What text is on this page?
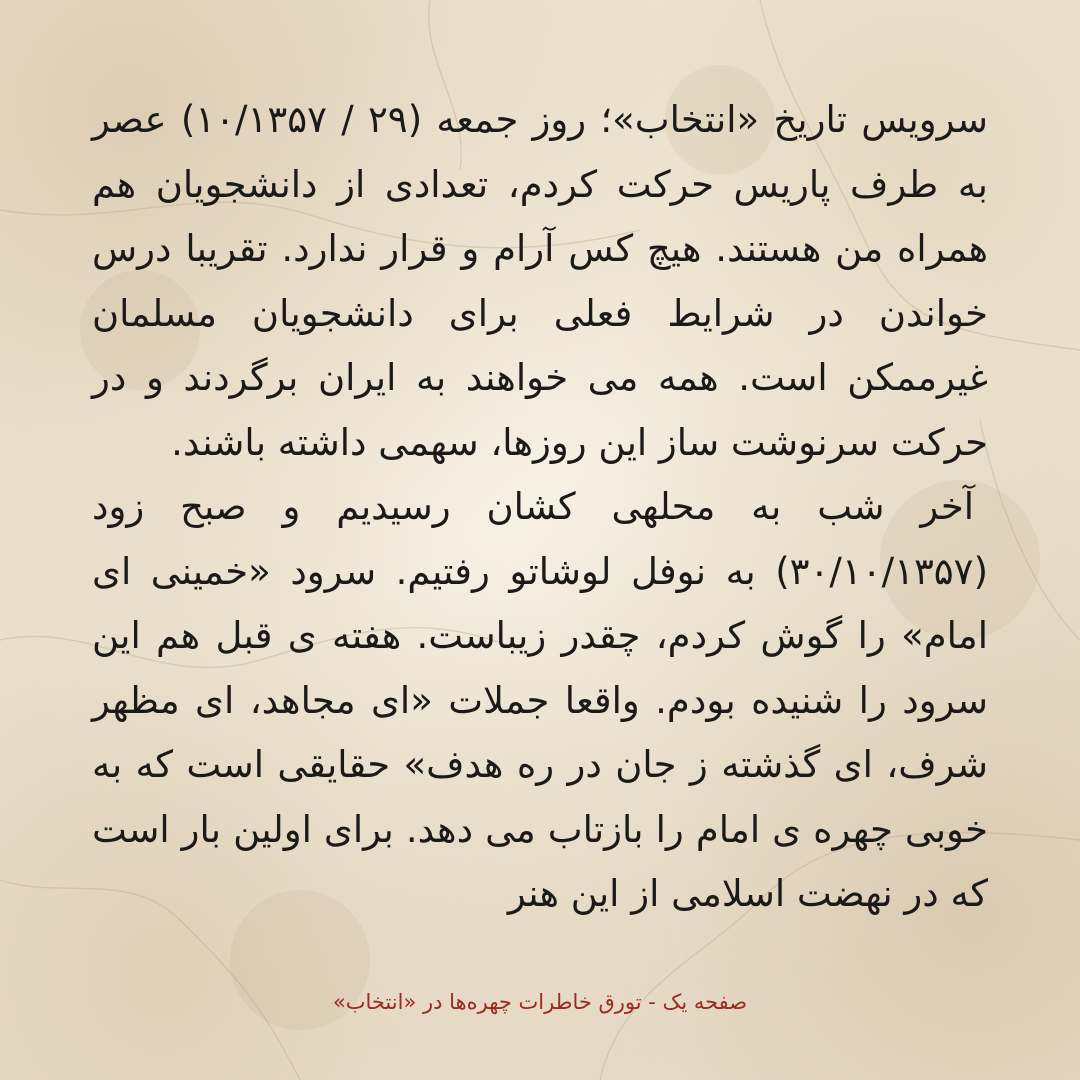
سرویس تاریخ «انتخاب»؛ روز جمعه (۲۹ / ۱۰/۱۳۵۷) عصر به طرف پاریس حرکت کردم، تعدادی از دانشجویان هم همراه من هستند. هیچ کس آرام و قرار ندارد. تقریبا درس خواندن در شرایط فعلی برای دانشجویان مسلمان غیرممکن است. همه می خواهند به ایران برگردند و در حرکت سرنوشت ساز این روزها، سهمی داشته باشند.

آخر شب به محلهی کشان رسیدیم و صبح زود (۳۰/۱۰/۱۳۵۷) به نوفل لوشاتو رفتیم. سرود «خمینی ای امام» را گوش کردم، چقدر زیباست. هفته ی قبل هم این سرود را شنیده بودم. واقعا جملات «ای مجاهد، ای مظهر شرف، ای گذشته ز جان در ره هدف» حقایقی است که به خوبی چهره ی امام را بازتاب می دهد. برای اولین بار است که در نهضت اسلامی از این هنر

صفحه یک - تورق خاطرات چهره‌ها در «انتخاب»
